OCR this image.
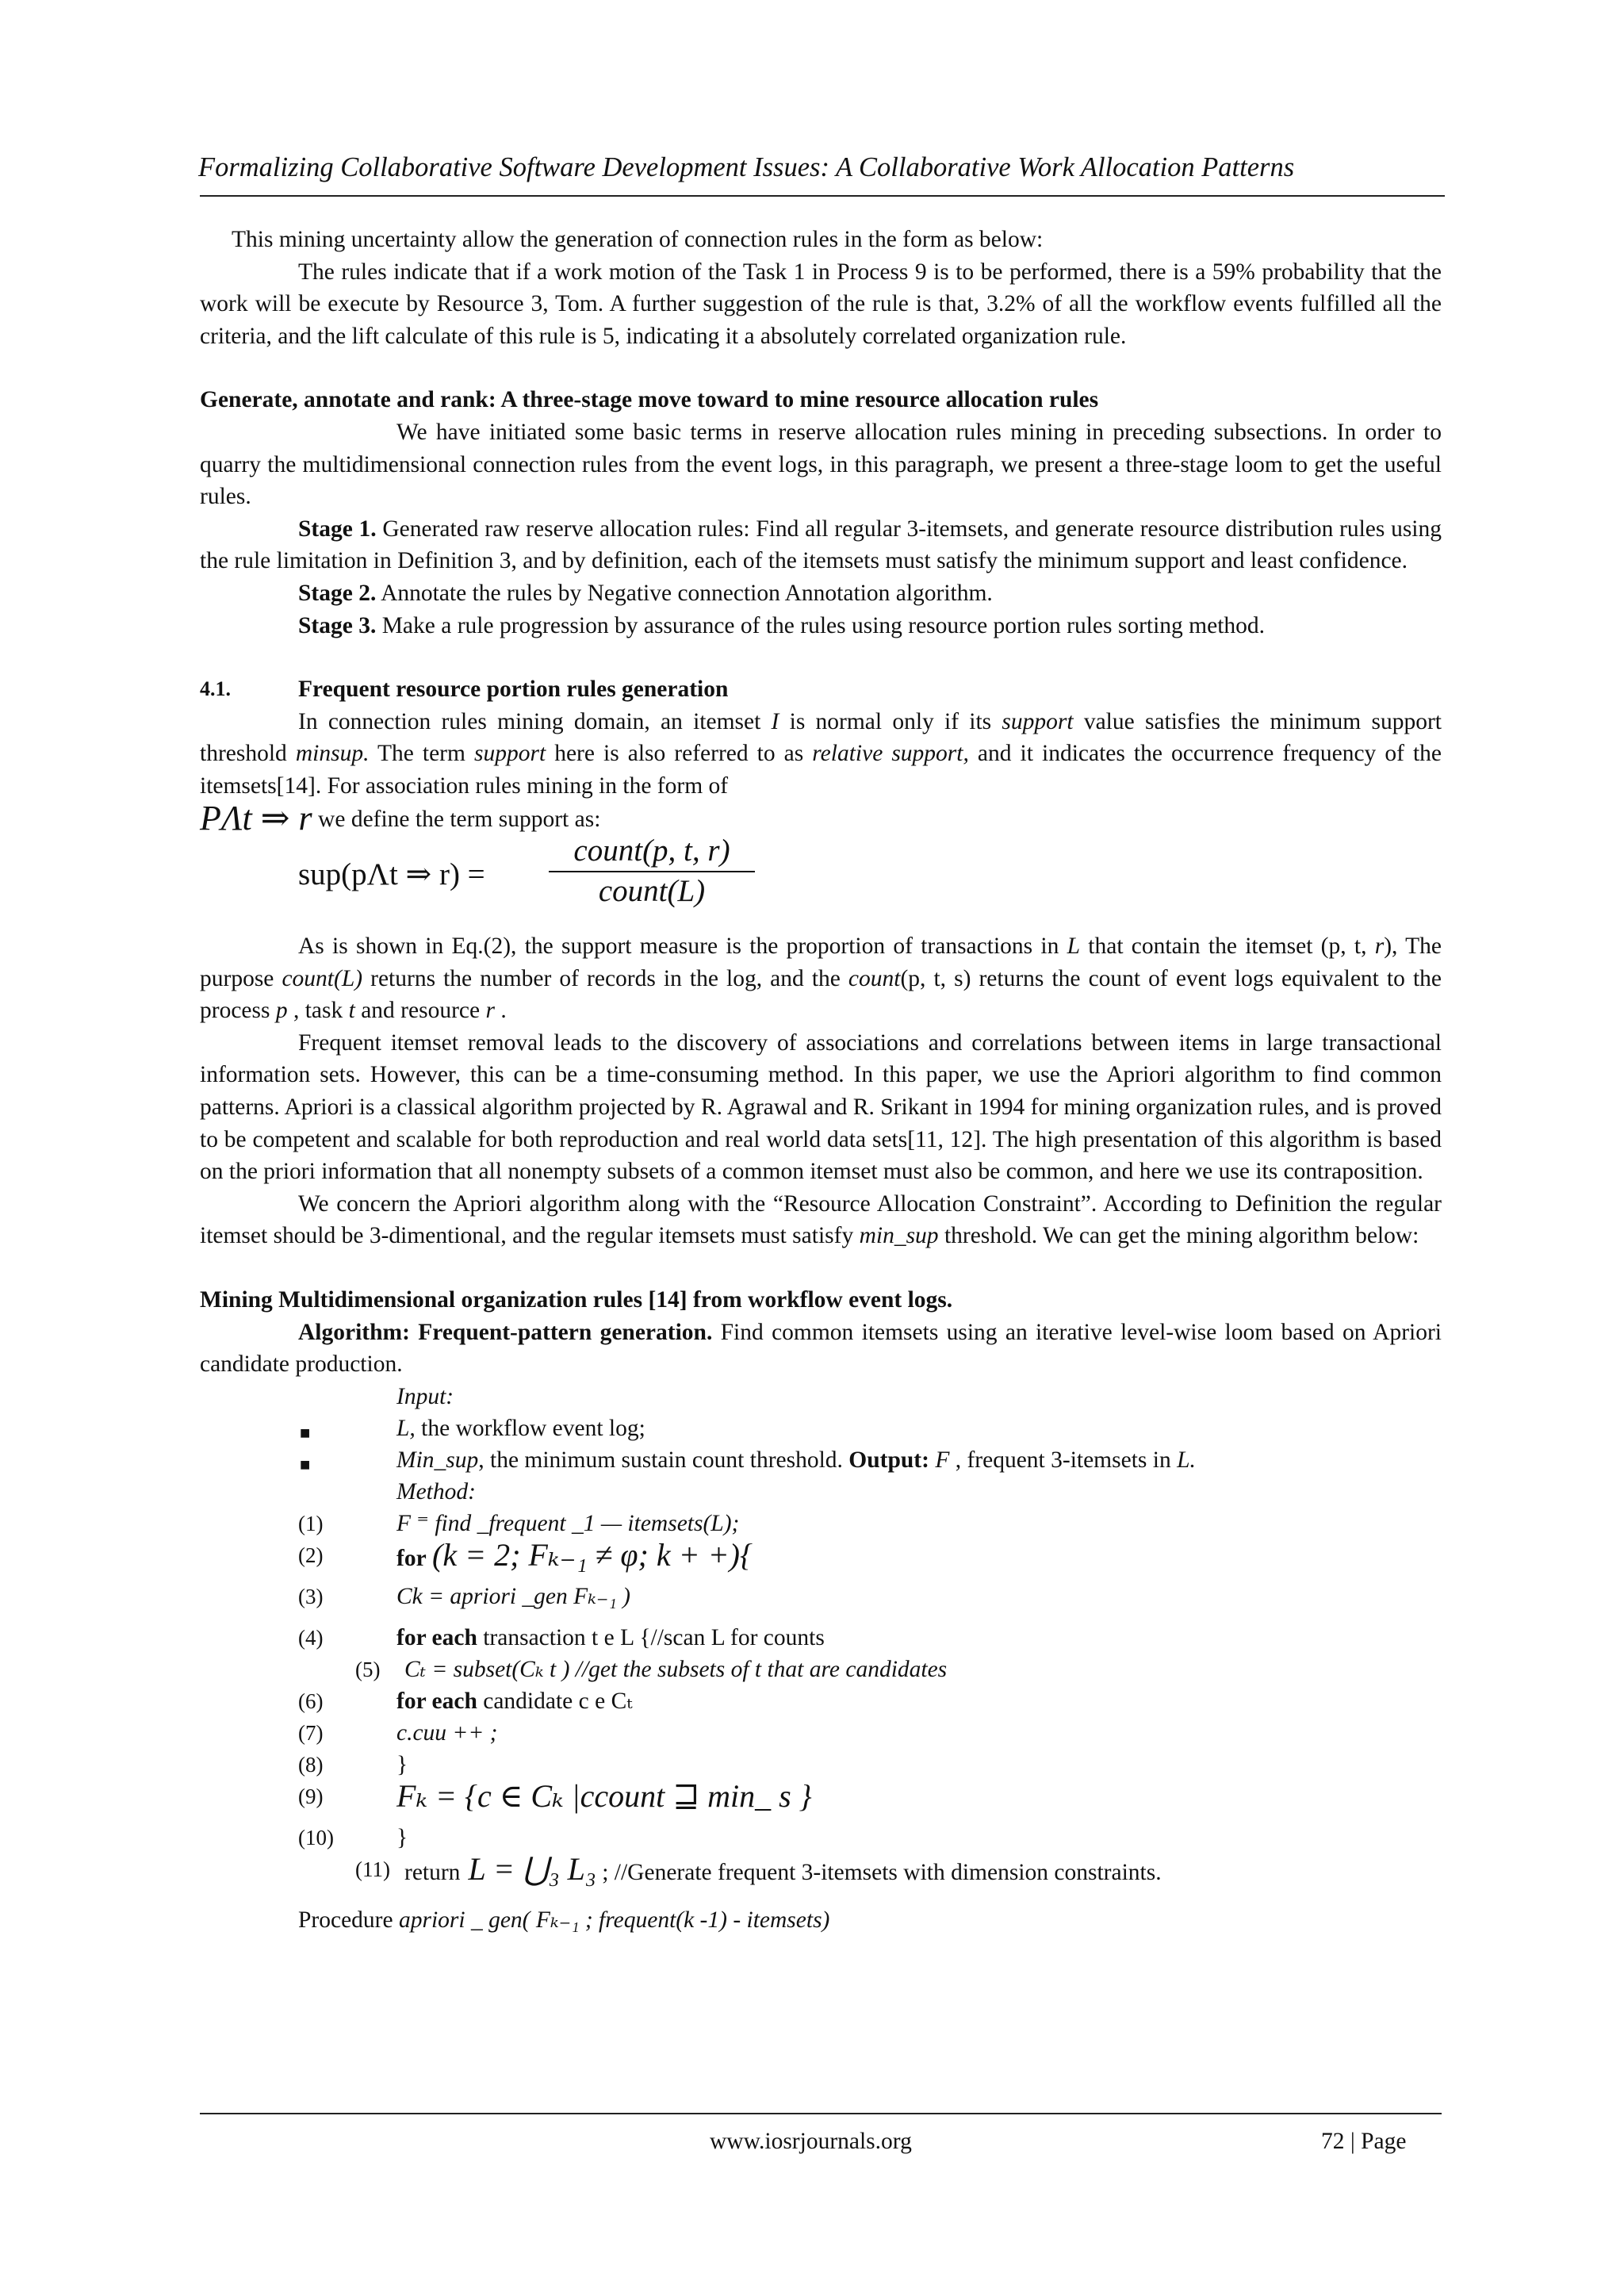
Formalizing Collaborative Software Development Issues: A Collaborative Work Allocation Patterns

This mining uncertainty allow the generation of connection rules in the form as below:

The rules indicate that if a work motion of the Task 1 in Process 9 is to be performed, there is a 59% probability that the work will be execute by Resource 3, Tom. A further suggestion of the rule is that, 3.2% of all the workflow events fulfilled all the criteria, and the lift calculate of this rule is 5, indicating it a absolutely correlated organization rule.

Generate, annotate and rank: A three-stage move toward to mine resource allocation rules

We have initiated some basic terms in reserve allocation rules mining in preceding subsections. In order to quarry the multidimensional connection rules from the event logs, in this paragraph, we present a three-stage loom to get the useful rules.

Stage 1. Generated raw reserve allocation rules: Find all regular 3-itemsets, and generate resource distribution rules using the rule limitation in Definition 3, and by definition, each of the itemsets must satisfy the minimum support and least confidence.

Stage 2. Annotate the rules by Negative connection Annotation algorithm.

Stage 3. Make a rule progression by assurance of the rules using resource portion rules sorting method.

4.1.	Frequent resource portion rules generation

In connection rules mining domain, an itemset I is normal only if its support value satisfies the minimum support threshold minsup. The term support here is also referred to as relative support, and it indicates the occurrence frequency of the itemsets[14]. For association rules mining in the form of

PΛt ⇒ r we define the term support as:

sup(pΛt ⇒ r) =
count(p, t, r)
count(L)

As is shown in Eq.(2), the support measure is the proportion of transactions in L that contain the itemset (p, t, r), The purpose count(L) returns the number of records in the log, and the count(p, t, s) returns the count of event logs equivalent to the process p , task t and resource r .

Frequent itemset removal leads to the discovery of associations and correlations between items in large transactional information sets. However, this can be a time-consuming method. In this paper, we use the Apriori algorithm to find common patterns. Apriori is a classical algorithm projected by R. Agrawal and R. Srikant in 1994 for mining organization rules, and is proved to be competent and scalable for both reproduction and real world data sets[11, 12]. The high presentation of this algorithm is based on the priori information that all nonempty subsets of a common itemset must also be common, and here we use its contraposition.

We concern the Apriori algorithm along with the “Resource Allocation Constraint”. According to Definition the regular itemset should be 3-dimentional, and the regular itemsets must satisfy min_sup threshold. We can get the mining algorithm below:

Mining Multidimensional organization rules [14] from workflow event logs.

Algorithm: Frequent-pattern generation. Find common itemsets using an iterative level-wise loom based on Apriori candidate production.

Input:
■	L, the workflow event log;
■	Min_sup, the minimum sustain count threshold. Output: F , frequent 3-itemsets in L.
Method:
(1)	F ⁼ find _frequent _1 — itemsets(L);
(2)	for (k = 2; Fₖ₋₁ ≠ φ; k + +){
(3)	Ck = apriori _gen Fₖ₋₁ )
(4)	for each transaction t e L {//scan L for counts
(5) Cₜ = subset(Cₖ t ) //get the subsets of t that are candidates
(6)	for each candidate c e Cₜ
(7)	c.cuu ++ ;
(8)	}
(9) Fₖ = {c ∈ Cₖ |ccount ⊒ min_ s }
(10)	}
(11) return L = ⋃₃ L₃ ; //Generate frequent 3-itemsets with dimension constraints.

Procedure apriori _ gen( Fₖ₋₁ ; frequent(k -1) - itemsets)

www.iosrjournals.org	72 | Page
